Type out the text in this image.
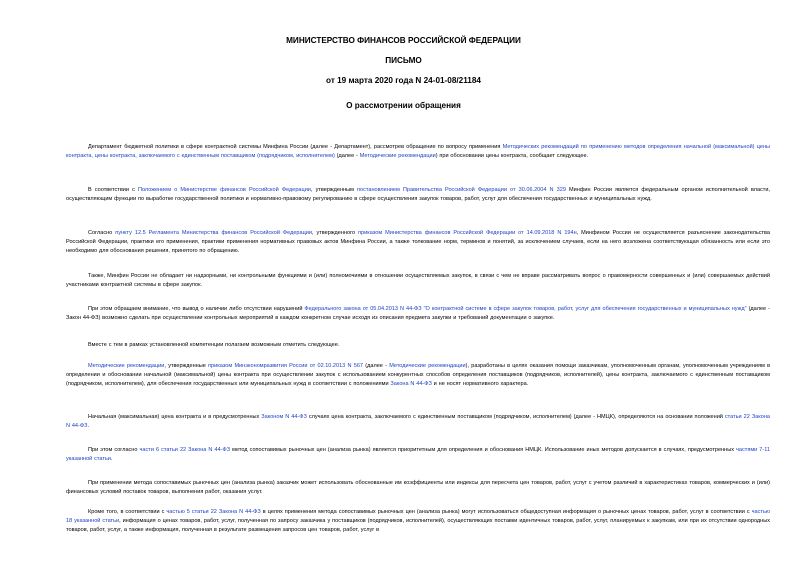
МИНИСТЕРСТВО ФИНАНСОВ РОССИЙСКОЙ ФЕДЕРАЦИИ
ПИСЬМО
от 19 марта 2020 года N 24-01-08/21184
О рассмотрении обращения

Департамент бюджетной политики в сфере контрактной системы Минфина России (далее - Департамент), рассмотрев обращение по вопросу применения Методических рекомендаций по применению методов определения начальной (максимальной) цены контракта, цены контракта, заключаемого с единственным поставщиком (подрядчиком, исполнителем) (далее - Методические рекомендации) при обосновании цены контракта, сообщает следующее.

В соответствии с Положением о Министерстве финансов Российской Федерации, утвержденным постановлением Правительства Российской Федерации от 30.06.2004 N 329 Минфин России является федеральным органом исполнительной власти, осуществляющим функции по выработке государственной политики и нормативно-правовому регулированию в сфере осуществления закупок товаров, работ, услуг для обеспечения государственных и муниципальных нужд.

Согласно пункту 12.5 Регламента Министерства финансов Российской Федерации, утвержденного приказом Министерства финансов Российской Федерации от 14.09.2018 N 194н, Минфином России не осуществляется разъяснение законодательства Российской Федерации, практики его применения, практики применения нормативных правовых актов Минфина России, а также толкование норм, терминов и понятий, за исключением случаев, если на него возложена соответствующая обязанность или если это необходимо для обоснования решения, принятого по обращению.

Также, Минфин России не обладает ни надзорными, ни контрольными функциями и (или) полномочиями в отношении осуществляемых закупок, в связи с чем не вправе рассматривать вопрос о правомерности совершенных и (или) совершаемых действий участниками контрактной системы в сфере закупок.

При этом обращаем внимание, что вывод о наличии либо отсутствии нарушений Федерального закона от 05.04.2013 N 44-ФЗ "О контрактной системе в сфере закупок товаров, работ, услуг для обеспечения государственных и муниципальных нужд" (далее - Закон 44-ФЗ) возможно сделать при осуществлении контрольных мероприятий в каждом конкретном случае исходя из описания предмета закупки и требований документации о закупке.

Вместе с тем в рамках установленной компетенции полагаем возможным отметить следующее.

Методические рекомендации, утвержденные приказом Минэкономразвития России от 02.10.2013 N 567 (далее - Методические рекомендации), разработаны в целях оказания помощи заказчикам, уполномоченным органам, уполномоченным учреждениям в определении и обосновании начальной (максимальной) цены контракта при осуществлении закупок с использованием конкурентных способов определения поставщиков (подрядчиков, исполнителей), цены контракта, заключаемого с единственным поставщиком (подрядчиком, исполнителем), для обеспечения государственных или муниципальных нужд в соответствии с положениями Закона N 44-ФЗ и не носят нормативного характера.

Начальная (максимальная) цена контракта и в предусмотренных Законом N 44-ФЗ случаях цена контракта, заключаемого с единственным поставщиком (подрядчиком, исполнителем) (далее - НМЦК), определяются на основании положений статьи 22 Закона N 44-ФЗ.

При этом согласно части 6 статьи 22 Закона N 44-ФЗ метод сопоставимых рыночных цен (анализа рынка) является приоритетным для определения и обоснования НМЦК. Использование иных методов допускается в случаях, предусмотренных частями 7-11 указанной статьи.

При применении метода сопоставимых рыночных цен (анализа рынка) заказчик может использовать обоснованные им коэффициенты или индексы для пересчета цен товаров, работ, услуг с учетом различий в характеристиках товаров, коммерческих и (или) финансовых условий поставок товаров, выполнения работ, оказания услуг.

Кроме того, в соответствии с частью 5 статьи 22 Закона N 44-ФЗ в целях применения метода сопоставимых рыночных цен (анализа рынка) могут использоваться общедоступная информация о рыночных ценах товаров, работ, услуг в соответствии с частью 18 указанной статьи, информация о ценах товаров, работ, услуг, полученная по запросу заказчика у поставщиков (подрядчиков, исполнителей), осуществляющих поставки идентичных товаров, работ, услуг, планируемых к закупкам, или при их отсутствии однородных товаров, работ, услуг, а также информация, полученная в результате размещения запросов цен товаров, работ, услуг в
